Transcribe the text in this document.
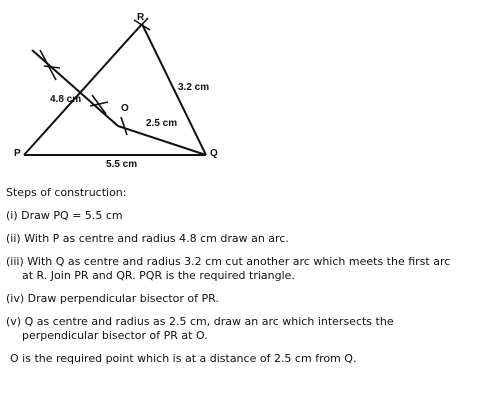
P	Q
R
O
4.8 cm
3.2 cm
2.5 cm
5.5 cm

Steps of construction:

(i) Draw PQ = 5.5 cm

(ii) With P as centre and radius 4.8 cm draw an arc.

(iii) With Q as centre and radius 3.2 cm cut another arc which meets the first arc

at R. Join PR and QR. PQR is the required triangle.

(iv) Draw perpendicular bisector of PR.

(v) Q as centre and radius as 2.5 cm, draw an arc which intersects the

perpendicular bisector of PR at O.

O is the required point which is at a distance of 2.5 cm from Q.
